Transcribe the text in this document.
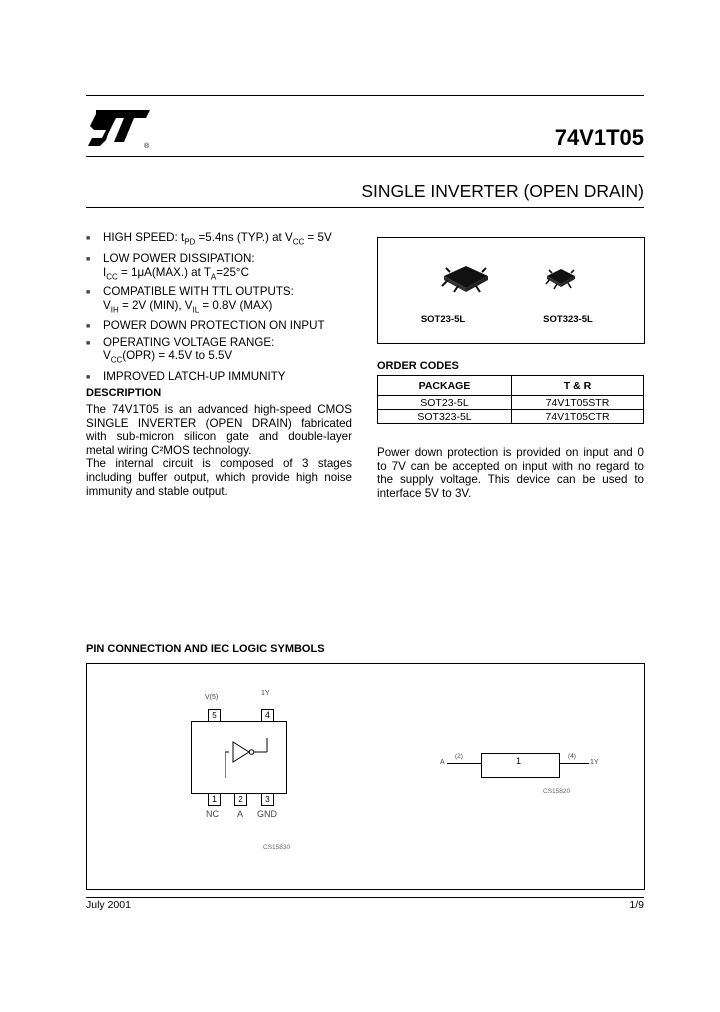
®	74V1T05
SINGLE INVERTER (OPEN DRAIN)
■ HIGH SPEED: $t_{PD} =5.4ns$ (TYP.) at $V_{CC} = 5V$
■ LOW POWER DISSIPATION:
$I_{CC} = 1\mu A(MAX.)$ at $T_A=25^\circ C$
■ COMPATIBLE WITH TTL OUTPUTS:
$V_{IH} = 2V$ (MIN), $V_{IL} = 0.8V$ (MAX)
■ POWER DOWN PROTECTION ON INPUT
■ OPERATING VOLTAGE RANGE:
$V_{CC}(OPR) = 4.5V$ to 5.5V
■ IMPROVED LATCH-UP IMMUNITY
DESCRIPTION
The 74V1T05 is an advanced high-speed CMOS
SINGLE INVERTER (OPEN DRAIN) fabricated
with sub-micron silicon gate and double-layer
metal wiring C²MOS technology.
The internal circuit is composed of 3 stages
including buffer output, which provide high noise
immunity and stable output.
SOT23-5L	SOT323-5L
ORDER CODES
PACKAGE	T & R
SOT23-5L	74V1T05STR
SOT323-5L	74V1T05CTR
Power down protection is provided on input and 0
to 7V can be accepted on input with no regard to
the supply voltage. This device can be used to
interface 5V to 3V.
PIN CONNECTION AND IEC LOGIC SYMBOLS
V(5)
1Y
5	4
1	2	3
NC A GND
CS15830
A
(2)	1	(4)
1Y
CS15820
July 2001	1/9
